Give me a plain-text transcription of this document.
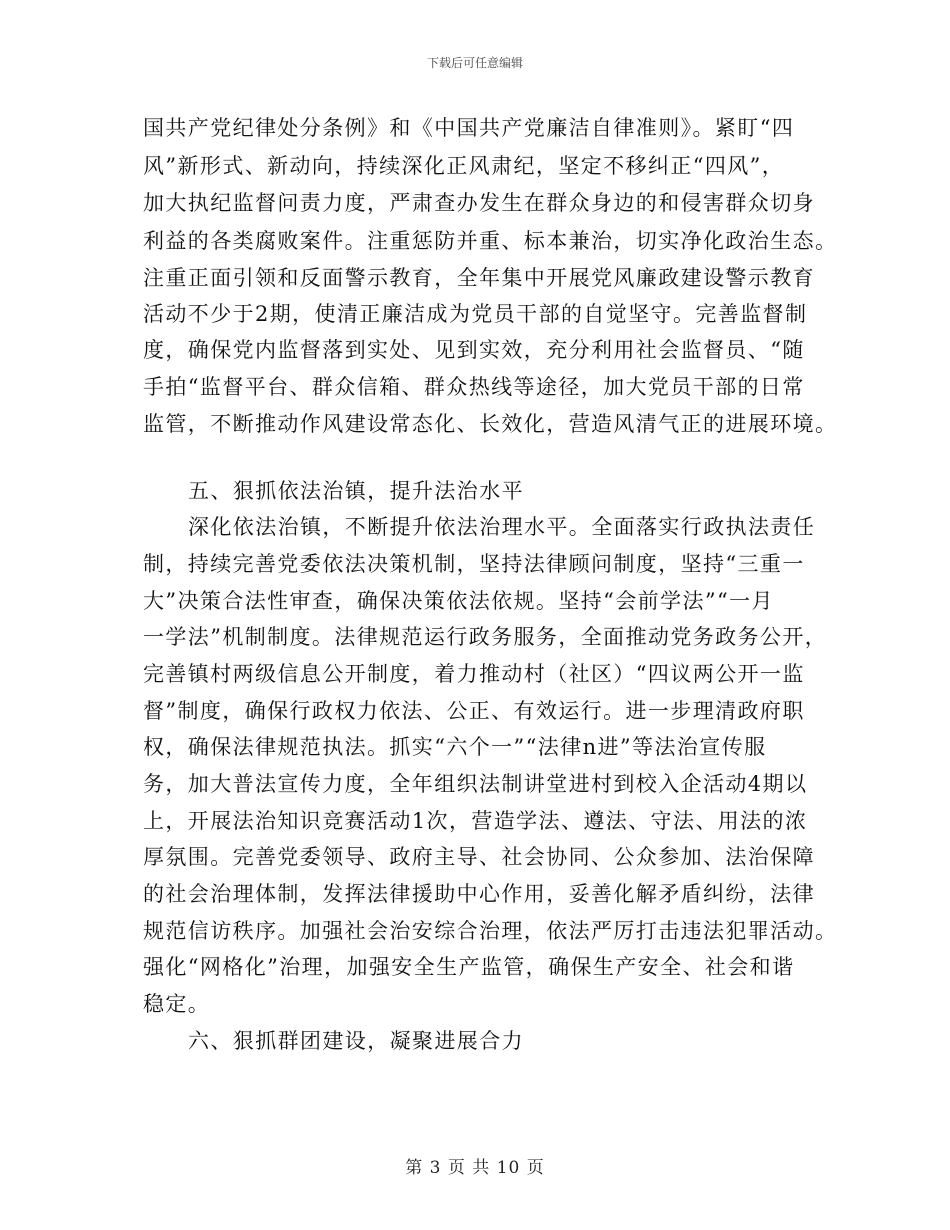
下载后可任意编辑
国共产党纪律处分条例》和《中国共产党廉洁自律准则》。紧盯“四
风”新形式、新动向，持续深化正风肃纪，坚定不移纠正“四风”，
加大执纪监督问责力度，严肃查办发生在群众身边的和侵害群众切身
利益的各类腐败案件。注重惩防并重、标本兼治，切实净化政治生态。
注重正面引领和反面警示教育，全年集中开展党风廉政建设警示教育
活动不少于2期，使清正廉洁成为党员干部的自觉坚守。完善监督制
度，确保党内监督落到实处、见到实效，充分利用社会监督员、“随
手拍“监督平台、群众信箱、群众热线等途径，加大党员干部的日常
监管，不断推动作风建设常态化、长效化，营造风清气正的进展环境。
五、狠抓依法治镇，提升法治水平
深化依法治镇，不断提升依法治理水平。全面落实行政执法责任
制，持续完善党委依法决策机制，坚持法律顾问制度，坚持“三重一
大”决策合法性审查，确保决策依法依规。坚持“会前学法”“一月
一学法”机制制度。法律规范运行政务服务，全面推动党务政务公开，
完善镇村两级信息公开制度，着力推动村（社区）“四议两公开一监
督”制度，确保行政权力依法、公正、有效运行。进一步理清政府职
权，确保法律规范执法。抓实“六个一”“法律n进”等法治宣传服
务，加大普法宣传力度，全年组织法制讲堂进村到校入企活动4期以
上，开展法治知识竞赛活动1次，营造学法、遵法、守法、用法的浓
厚氛围。完善党委领导、政府主导、社会协同、公众参加、法治保障
的社会治理体制，发挥法律援助中心作用，妥善化解矛盾纠纷，法律
规范信访秩序。加强社会治安综合治理，依法严厉打击违法犯罪活动。
强化“网格化”治理，加强安全生产监管，确保生产安全、社会和谐
稳定。
六、狠抓群团建设，凝聚进展合力
第 3 页 共 10 页
